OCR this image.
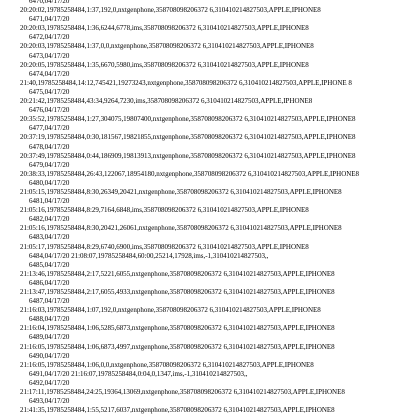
6470,04/17/20
20:20:02,19785258484,1:37,192,0,nxtgenphone,358708098206372 6,310410214827503,APPLE,IPHONE8
6471,04/17/20
20:20:03,19785258484,1:36,6244,6778,ims,358708098206372 6,310410214827503,APPLE,IPHONE8
6472,04/17/20
20:20:03,19785258484,1:37,0,0,nxtgenphone,358708098206372 6,310410214827503,APPLE,IPHONE8
6473,04/17/20
20:20:05,19785258484,1:35,6670,5980,ims,358708098206372 6,310410214827503,APPLE,IPHONE8
6474,04/17/20
21:40,19785258484,14:12,745421,19273243,nxtgenphone,358708098206372 6,310410214827503,APPLE,IPHONE 8
6475,04/17/20
20:21:42,19785258484,43:34,9264,7230,ims,358708098206372 6,310410214827503,APPLE,IPHONE8
6476,04/17/20
20:35:52,19785258484,1:27,304075,19807400,nxtgenphone,358708098206372 6,310410214827503,APPLE,IPHONE8
6477,04/17/20
20:37:19,19785258484,0:30,181567,19821855,nxtgenphone,358708098206372 6,310410214827503,APPLE,IPHONE8
6478,04/17/20
20:37:49,19785258484,0:44,186909,19813913,nxtgenphone,358708098206372 6,310410214827503,APPLE,IPHONE8
6479,04/17/20
20:38:33,19785258484,26:43,122067,18954180,nxtgenphone,358708098206372 6,310410214827503,APPLE,IPHONE8
6480,04/17/20
21:05:15,19785258484,8:30,26349,20421,nxtgenphone,358708098206372 6,310410214827503,APPLE,IPHONE8
6481,04/17/20
21:05:16,19785258484,8:29,7164,6848,ims,358708098206372 6,310410214827503,APPLE,IPHONE8
6482,04/17/20
21:05:16,19785258484,8:30,20421,26061,nxtgenphone,358708098206372 6,310410214827503,APPLE,IPHONE8
6483,04/17/20
21:05:17,19785258484,8:29,6740,6900,ims,358708098206372 6,310410214827503,APPLE,IPHONE8
6484,04/17/20 21:08:07,19785258484,60:00,25214,17928,ims,-1,310410214827503,,
6485,04/17/20
21:13:46,19785258484,2:17,5221,6055,nxtgenphone,358708098206372 6,310410214827503,APPLE,IPHONE8
6486,04/17/20
21:13:47,19785258484,2:17,6055,4933,nxtgenphone,358708098206372 6,310410214827503,APPLE,IPHONE8
6487,04/17/20
21:16:03,19785258484,1:07,192,0,nxtgenphone,358708098206372 6,310410214827503,APPLE,IPHONE8
6488,04/17/20
21:16:04,19785258484,1:06,5285,6873,nxtgenphone,358708098206372 6,310410214827503,APPLE,IPHONE8
6489,04/17/20
21:16:05,19785258484,1:06,6873,4997,nxtgenphone,358708098206372 6,310410214827503,APPLE,IPHONE8
6490,04/17/20
21:16:05,19785258484,1:06,0,0,nxtgenphone,358708098206372 6,310410214827503,APPLE,IPHONE8
6491,04/17/20 21:16:07,19785258484,0:04,0,1347,ims,-1,310410214827503,,
6492,04/17/20
21:17:11,19785258484,24:25,19364,13069,nxtgenphone,358708098206372 6,310410214827503,APPLE,IPHONE8
6493,04/17/20
21:41:35,19785258484,1:55,5217,6037,nxtgenphone,358708098206372 6,310410214827503,APPLE,IPHONE8
